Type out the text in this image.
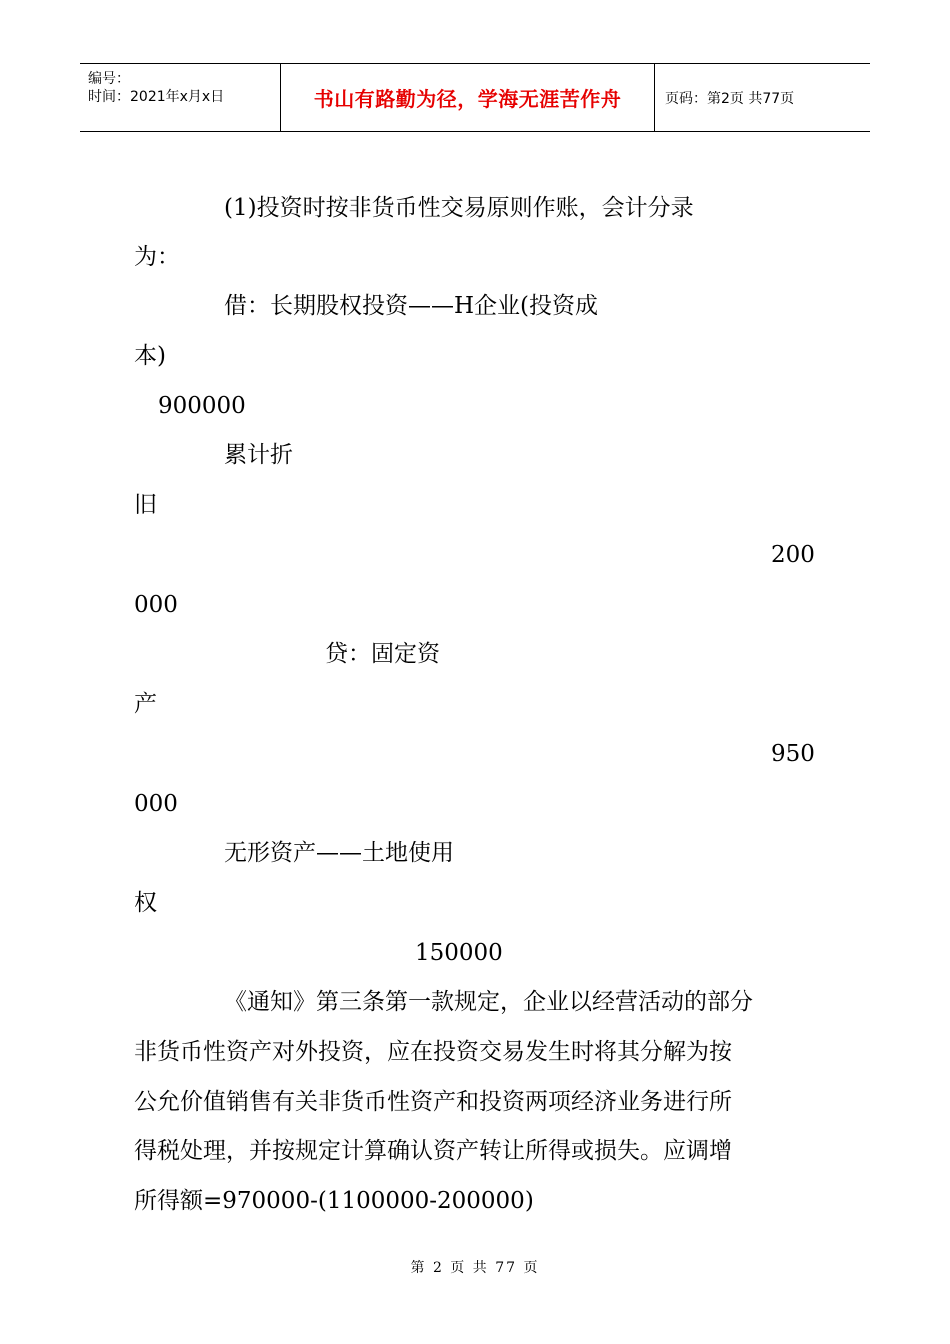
编号：
时间：2021年x月x日	书山有路勤为径，学海无涯苦作舟	页码：第2页 共77页
(1)投资时按非货币性交易原则作账，会计分录
为：
借：长期股权投资——H企业(投资成
本)
900000
累计折
旧
200
000
贷：固定资
产
950
000
无形资产——土地使用
权
150000
《通知》第三条第一款规定，企业以经营活动的部分
非货币性资产对外投资，应在投资交易发生时将其分解为按
公允价值销售有关非货币性资产和投资两项经济业务进行所
得税处理，并按规定计算确认资产转让所得或损失。应调增
所得额=970000-(1100000-200000)
第 2 页 共 77 页
